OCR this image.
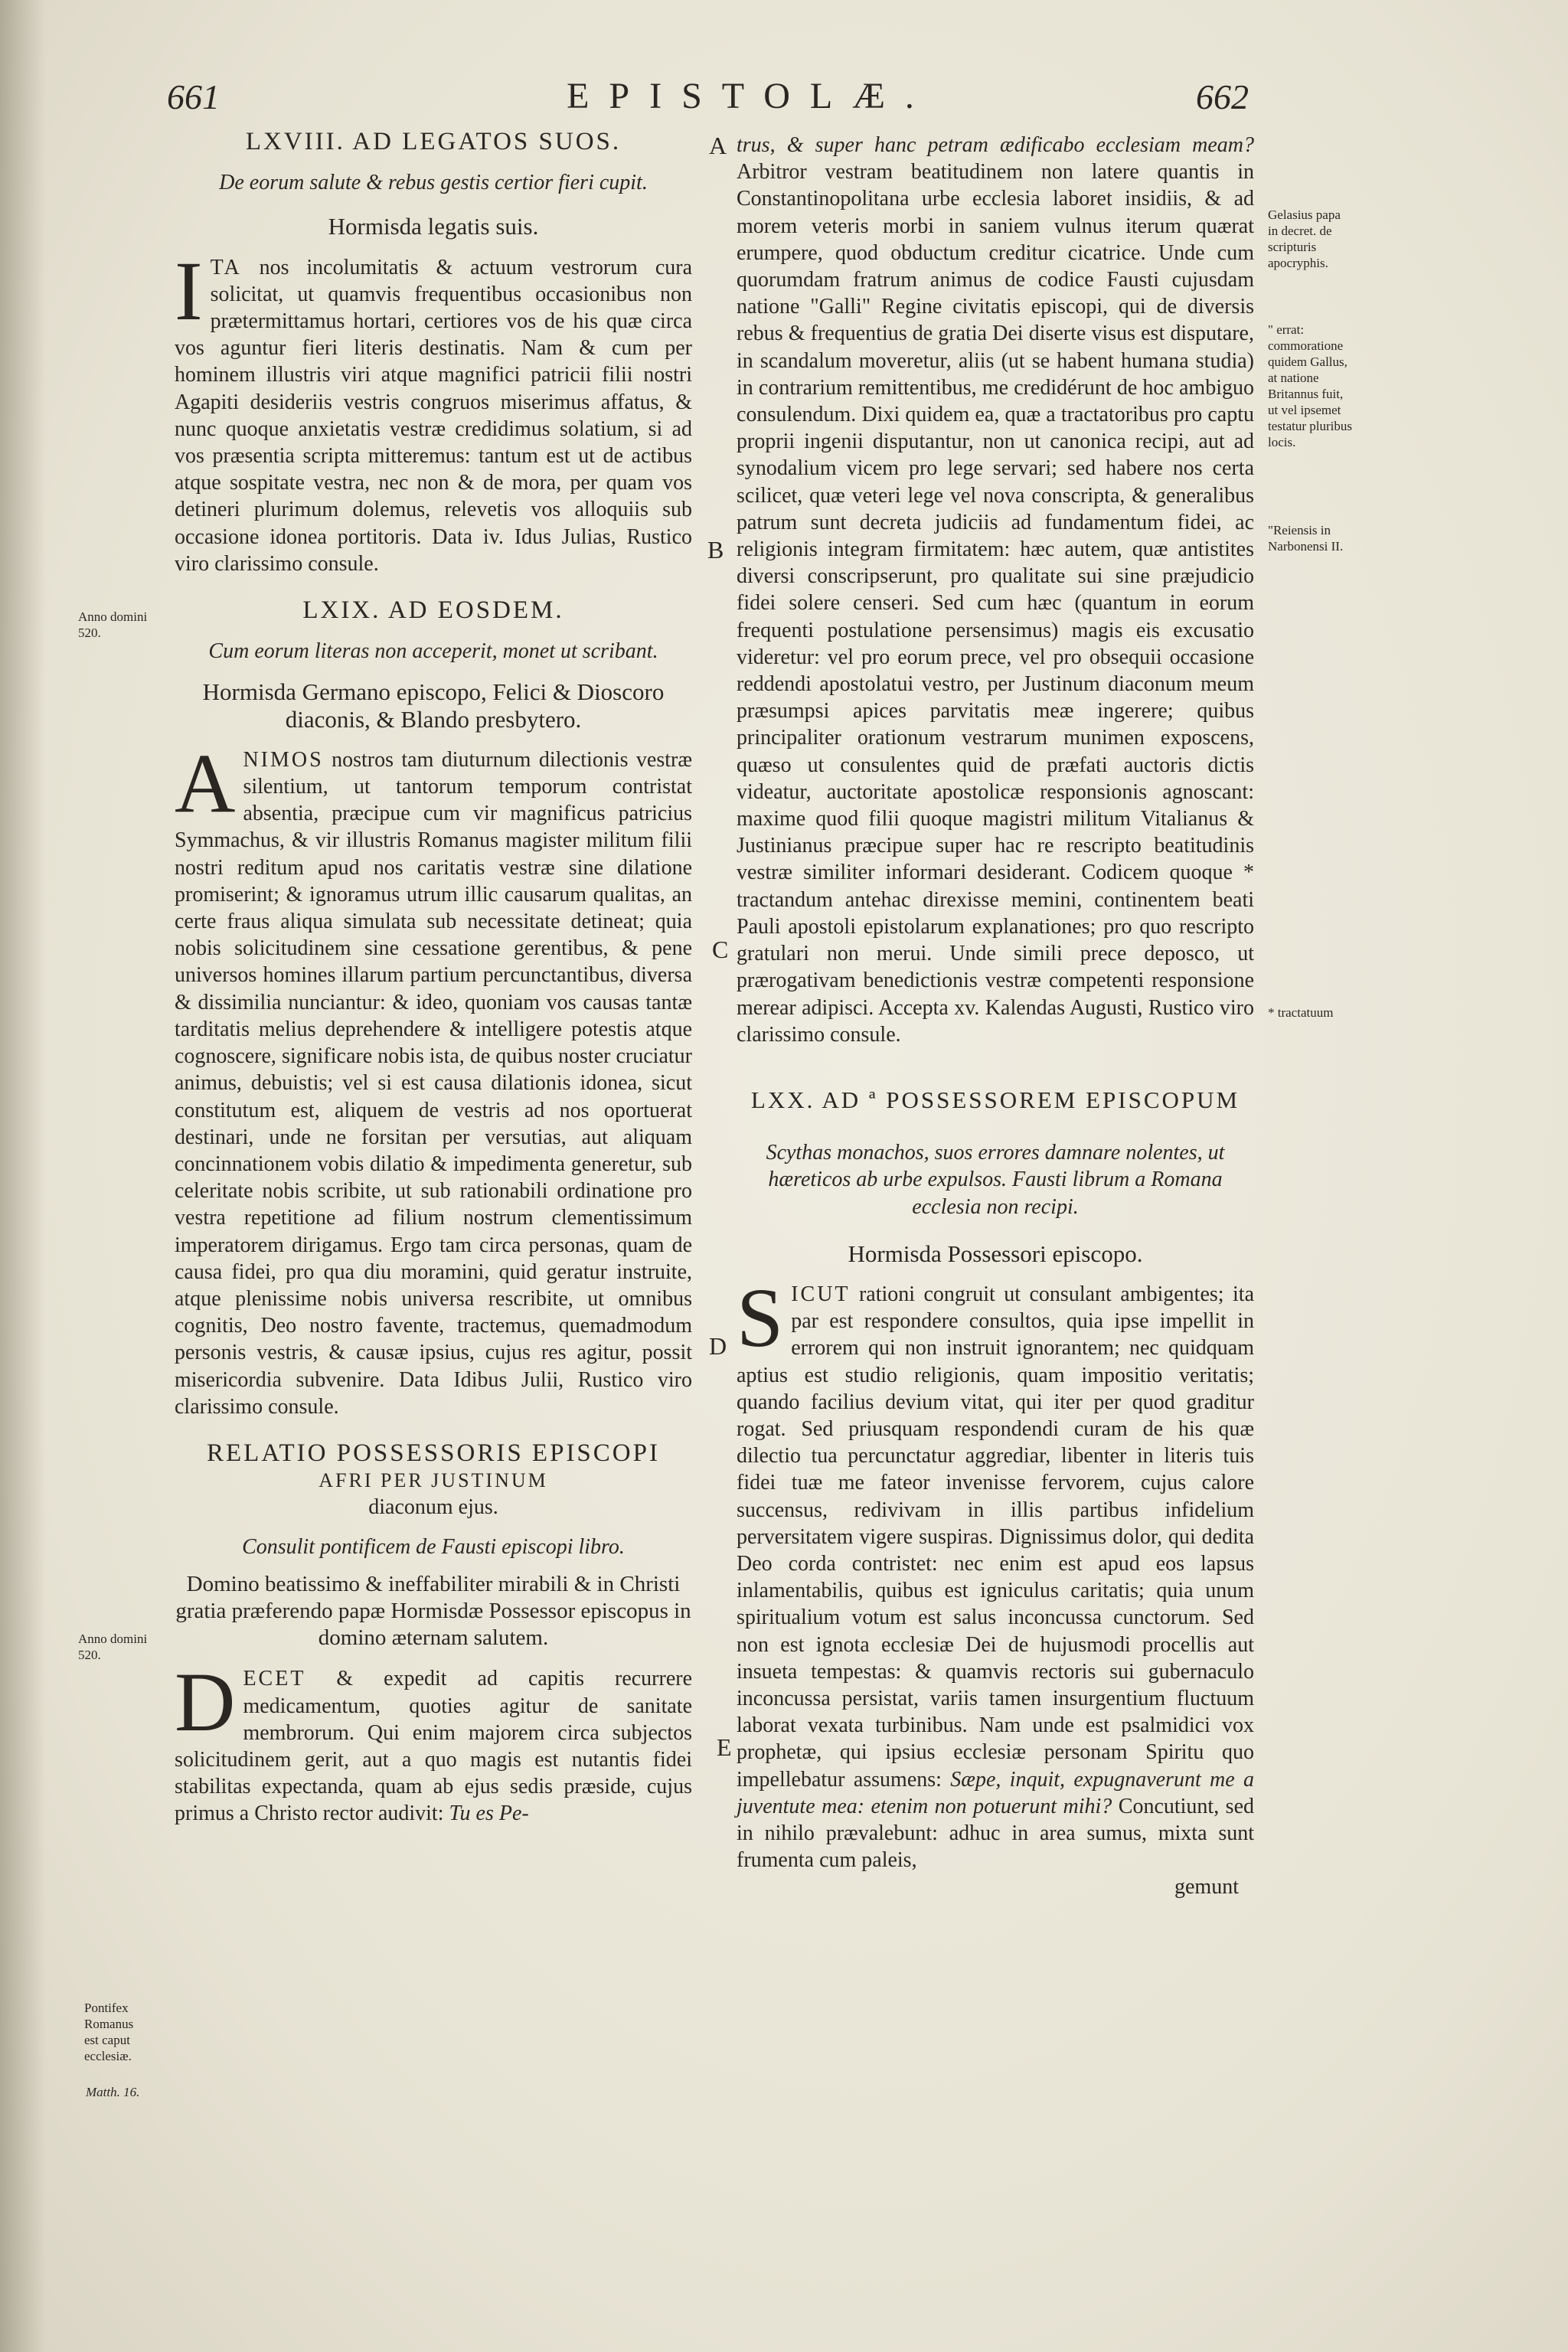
661	EPISTOLÆ.	662

LXVIII. AD LEGATOS SUOS.

De eorum salute & rebus gestis certior fieri cupit.

Hormisda legatis suis.

ITA nos incolumitatis & actuum vestrorum cura solicitat, ut quamvis frequentibus occasionibus non prætermittamus hortari, certiores vos de his quæ circa vos aguntur fieri literis destinatis. Nam & cum per hominem illustris viri atque magnifici patricii filii nostri Agapiti desideriis vestris congruos miserimus affatus, & nunc quoque anxietatis vestræ credidimus solatium, si ad vos præsentia scripta mitteremus: tantum est ut de actibus atque sospitate vestra, nec non & de mora, per quam vos detineri plurimum dolemus, relevetis vos alloquiis sub occasione idonea portitoris. Data iv. Idus Julias, Rustico viro clarissimo consule.

LXIX. AD EOSDEM.

Cum eorum literas non acceperit, monet ut scribant.

Hormisda Germano episcopo, Felici & Dioscoro diaconis, & Blando presbytero.

ANIMOS nostros tam diuturnum dilectionis vestræ silentium, ut tantorum temporum contristat absentia, præcipue cum vir magnificus patricius Symmachus, & vir illustris Romanus magister militum filii nostri reditum apud nos caritatis vestræ sine dilatione promiserint; & ignoramus utrum illic causarum qualitas, an certe fraus aliqua simulata sub necessitate detineat; quia nobis solicitudinem sine cessatione gerentibus, & pene universos homines illarum partium percunctantibus, diversa & dissimilia nunciantur: & ideo, quoniam vos causas tantæ tarditatis melius deprehendere & intelligere potestis atque cognoscere, significare nobis ista, de quibus noster cruciatur animus, debuistis; vel si est causa dilationis idonea, sicut constitutum est, aliquem de vestris ad nos oportuerat destinari, unde ne forsitan per versutias, aut aliquam concinnationem vobis dilatio & impedimenta generetur, sub celeritate nobis scribite, ut sub rationabili ordinatione pro vestra repetitione ad filium nostrum clementissimum imperatorem dirigamus. Ergo tam circa personas, quam de causa fidei, pro qua diu moramini, quid geratur instruite, atque plenissime nobis universa rescribite, ut omnibus cognitis, Deo nostro favente, tractemus, quemadmodum personis vestris, & causæ ipsius, cujus res agitur, possit misericordia subvenire. Data Idibus Julii, Rustico viro clarissimo consule.

RELATIO POSSESSORIS EPISCOPI

AFRI PER JUSTINUM

diaconum ejus.

Consulit pontificem de Fausti episcopi libro.

Domino beatissimo & ineffabiliter mirabili & in Christi gratia præferendo papæ Hormisdæ Possessor episcopus in domino æternam salutem.

DECET & expedit ad capitis recurrere medicamentum, quoties agitur de sanitate membrorum. Qui enim majorem circa subjectos solicitudinem gerit, aut a quo magis est nutantis fidei stabilitas expectanda, quam ab ejus sedis præside, cujus primus a Christo rector audivit: Tu es Pe-

A
B
C
D
E

trus, & super hanc petram ædificabo ecclesiam meam? Arbitror vestram beatitudinem non latere quantis in Constantinopolitana urbe ecclesia laboret insidiis, & ad morem veteris morbi in saniem vulnus iterum quærat erumpere, quod obductum creditur cicatrice. Unde cum quorumdam fratrum animus de codice Fausti cujusdam natione "Galli" Regine civitatis episcopi, qui de diversis rebus & frequentius de gratia Dei diserte visus est disputare, in scandalum moveretur, aliis (ut se habent humana studia) in contrarium remittentibus, me credidérunt de hoc ambiguo consulendum. Dixi quidem ea, quæ a tractatoribus pro captu proprii ingenii disputantur, non ut canonica recipi, aut ad synodalium vicem pro lege servari; sed habere nos certa scilicet, quæ veteri lege vel nova conscripta, & generalibus patrum sunt decreta judiciis ad fundamentum fidei, ac religionis integram firmitatem: hæc autem, quæ antistites diversi conscripserunt, pro qualitate sui sine præjudicio fidei solere censeri. Sed cum hæc (quantum in eorum frequenti postulatione persensimus) magis eis excusatio videretur: vel pro eorum prece, vel pro obsequii occasione reddendi apostolatui vestro, per Justinum diaconum meum præsumpsi apices parvitatis meæ ingerere; quibus principaliter orationum vestrarum munimen exposcens, quæso ut consulentes quid de præfati auctoris dictis videatur, auctoritate apostolicæ responsionis agnoscant: maxime quod filii quoque magistri militum Vitalianus & Justinianus præcipue super hac re rescripto beatitudinis vestræ similiter informari desiderant. Codicem quoque * tractandum antehac direxisse memini, continentem beati Pauli apostoli epistolarum explanationes; pro quo rescripto gratulari non merui. Unde simili prece deposco, ut prærogativam benedictionis vestræ competenti responsione merear adipisci. Accepta xv. Kalendas Augusti, Rustico viro clarissimo consule.

LXX. AD ª POSSESSOREM EPISCOPUM

Scythas monachos, suos errores damnare nolentes, ut hæreticos ab urbe expulsos. Fausti librum a Romana ecclesia non recipi.

Hormisda Possessori episcopo.

SICUT rationi congruit ut consulant ambigentes; ita par est respondere consultos, quia ipse impellit in errorem qui non instruit ignorantem; nec quidquam aptius est studio religionis, quam impositio veritatis; quando facilius devium vitat, qui iter per quod graditur rogat. Sed priusquam respondendi curam de his quæ dilectio tua percunctatur aggrediar, libenter in literis tuis fidei tuæ me fateor invenisse fervorem, cujus calore succensus, redivivam in illis partibus infidelium perversitatem vigere suspiras. Dignissimus dolor, qui dedita Deo corda contristet: nec enim est apud eos lapsus inlamentabilis, quibus est igniculus caritatis; quia unum spiritualium votum est salus inconcussa cunctorum. Sed non est ignota ecclesiæ Dei de hujusmodi procellis aut insueta tempestas: & quamvis rectoris sui gubernaculo inconcussa persistat, variis tamen insurgentium fluctuum laborat vexata turbinibus. Nam unde est psalmidici vox prophetæ, qui ipsius ecclesiæ personam Spiritu quo impellebatur assumens: Sæpe, inquit, expugnaverunt me a juventute mea: etenim non potuerunt mihi? Concutiunt, sed in nihilo prævalebunt: adhuc in area sumus, mixta sunt frumenta cum paleis,

gemunt

Anno domini 520.
Anno domini 520.
Pontifex Romanus est caput ecclesiæ.
Matth. 16.
Gelasius papa in decret. de scripturis apocryphis.
" errat: commoratione quidem Gallus, at natione Britannus fuit, ut vel ipsemet testatur pluribus locis.
"Reiensis in Narbonensi II.
* tractatuum
